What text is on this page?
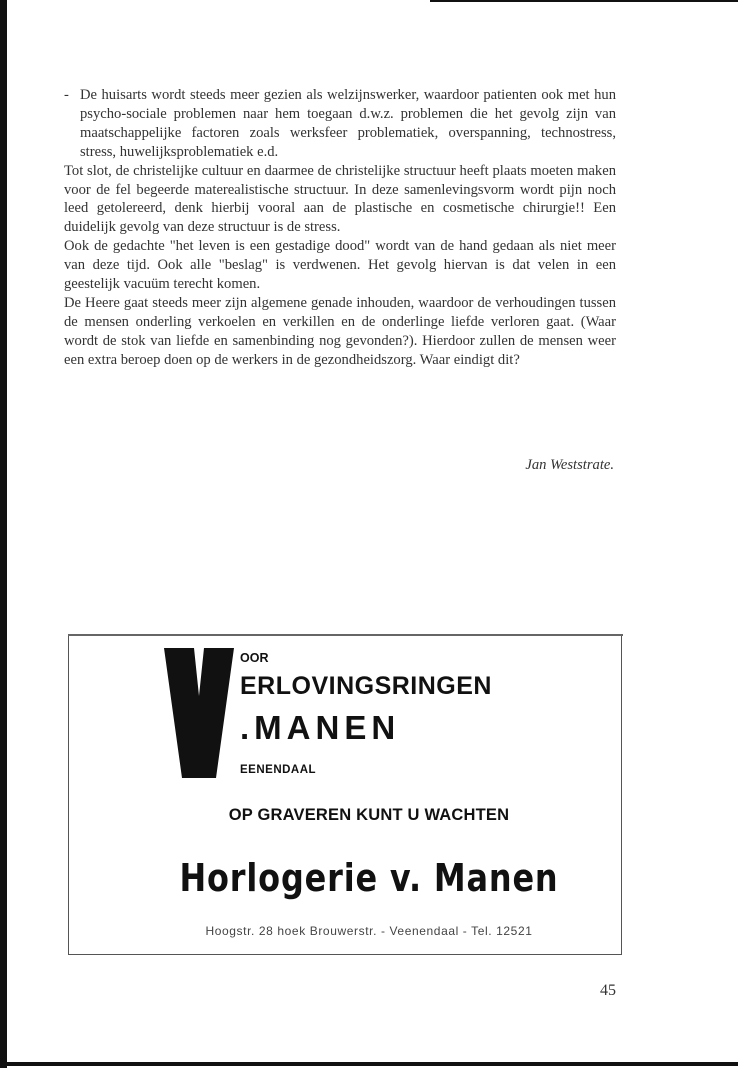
- De huisarts wordt steeds meer gezien als welzijnswerker, waardoor patienten ook met hun psycho-sociale problemen naar hem toegaan d.w.z. problemen die het gevolg zijn van maatschappelijke factoren zoals werksfeer problematiek, overspanning, technostress, stress, huwelijksproblematiek e.d.

Tot slot, de christelijke cultuur en daarmee de christelijke structuur heeft plaats moeten maken voor de fel begeerde materealistische structuur. In deze samenlevingsvorm wordt pijn noch leed getolereerd, denk hierbij vooral aan de plastische en cosmetische chirurgie!! Een duidelijk gevolg van deze structuur is de stress.

Ook de gedachte "het leven is een gestadige dood" wordt van de hand gedaan als niet meer van deze tijd. Ook alle "beslag" is verdwenen. Het gevolg hiervan is dat velen in een geestelijk vacuüm terecht komen.

De Heere gaat steeds meer zijn algemene genade inhouden, waardoor de verhoudingen tussen de mensen onderling verkoelen en verkillen en de onderlinge liefde verloren gaat. (Waar wordt de stok van liefde en samenbinding nog gevonden?). Hierdoor zullen de mensen weer een extra beroep doen op de werkers in de gezondheidszorg. Waar eindigt dit?

Jan Weststrate.
OOR
ERLOVINGSRINGEN
.MANEN
EENENDAAL
OP GRAVEREN KUNT U WACHTEN
Horlogerie v. Manen
Hoogstr. 28 hoek Brouwerstr. - Veenendaal - Tel. 12521
45
